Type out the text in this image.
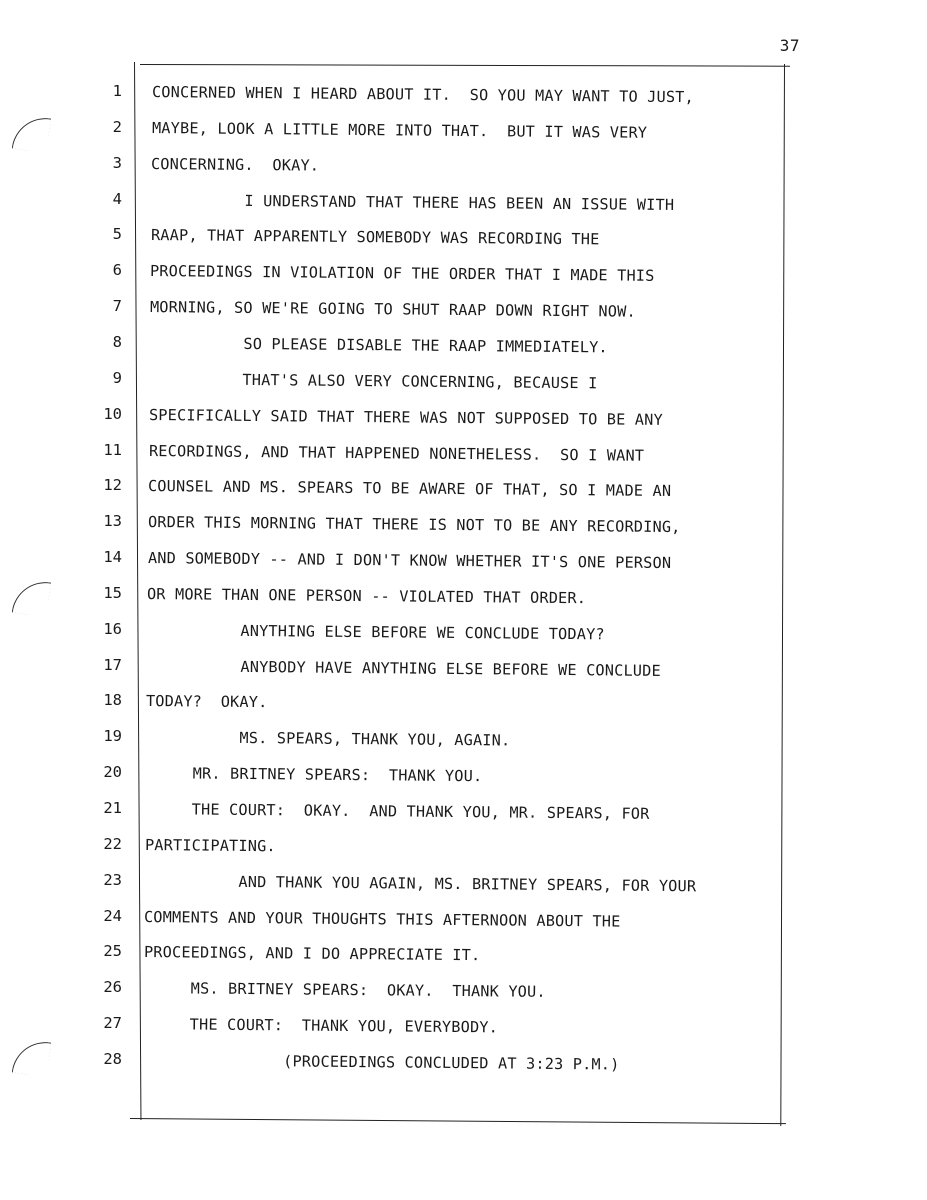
37
1 CONCERNED WHEN I HEARD ABOUT IT.  SO YOU MAY WANT TO JUST,
2 MAYBE, LOOK A LITTLE MORE INTO THAT.  BUT IT WAS VERY
3 CONCERNING.  OKAY.
4 I UNDERSTAND THAT THERE HAS BEEN AN ISSUE WITH
5 RAAP, THAT APPARENTLY SOMEBODY WAS RECORDING THE
6 PROCEEDINGS IN VIOLATION OF THE ORDER THAT I MADE THIS
7 MORNING, SO WE'RE GOING TO SHUT RAAP DOWN RIGHT NOW.
8 SO PLEASE DISABLE THE RAAP IMMEDIATELY.
9 THAT'S ALSO VERY CONCERNING, BECAUSE I
10 SPECIFICALLY SAID THAT THERE WAS NOT SUPPOSED TO BE ANY
11 RECORDINGS, AND THAT HAPPENED NONETHELESS.  SO I WANT
12 COUNSEL AND MS. SPEARS TO BE AWARE OF THAT, SO I MADE AN
13 ORDER THIS MORNING THAT THERE IS NOT TO BE ANY RECORDING,
14 AND SOMEBODY -- AND I DON'T KNOW WHETHER IT'S ONE PERSON
15 OR MORE THAN ONE PERSON -- VIOLATED THAT ORDER.
16 ANYTHING ELSE BEFORE WE CONCLUDE TODAY?
17 ANYBODY HAVE ANYTHING ELSE BEFORE WE CONCLUDE
18 TODAY?  OKAY.
19 MS. SPEARS, THANK YOU, AGAIN.
20 MR. BRITNEY SPEARS:  THANK YOU.
21 THE COURT:  OKAY.  AND THANK YOU, MR. SPEARS, FOR
22 PARTICIPATING.
23 AND THANK YOU AGAIN, MS. BRITNEY SPEARS, FOR YOUR
24 COMMENTS AND YOUR THOUGHTS THIS AFTERNOON ABOUT THE
25 PROCEEDINGS, AND I DO APPRECIATE IT.
26 MS. BRITNEY SPEARS:  OKAY.  THANK YOU.
27 THE COURT:  THANK YOU, EVERYBODY.
28 (PROCEEDINGS CONCLUDED AT 3:23 P.M.)
